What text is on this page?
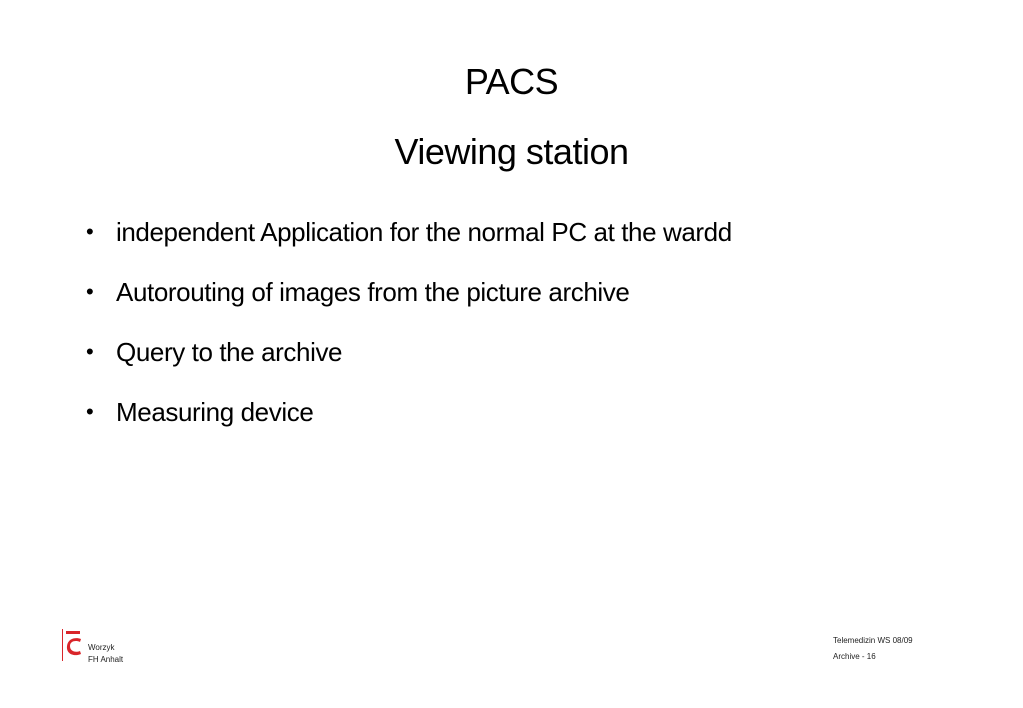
PACS
Viewing station
• independent Application for the normal PC at the wardd
• Autorouting of images from the picture archive
• Query to the archive
• Measuring device
Worzyk
FH Anhalt
Telemedizin WS 08/09
Archive - 16
